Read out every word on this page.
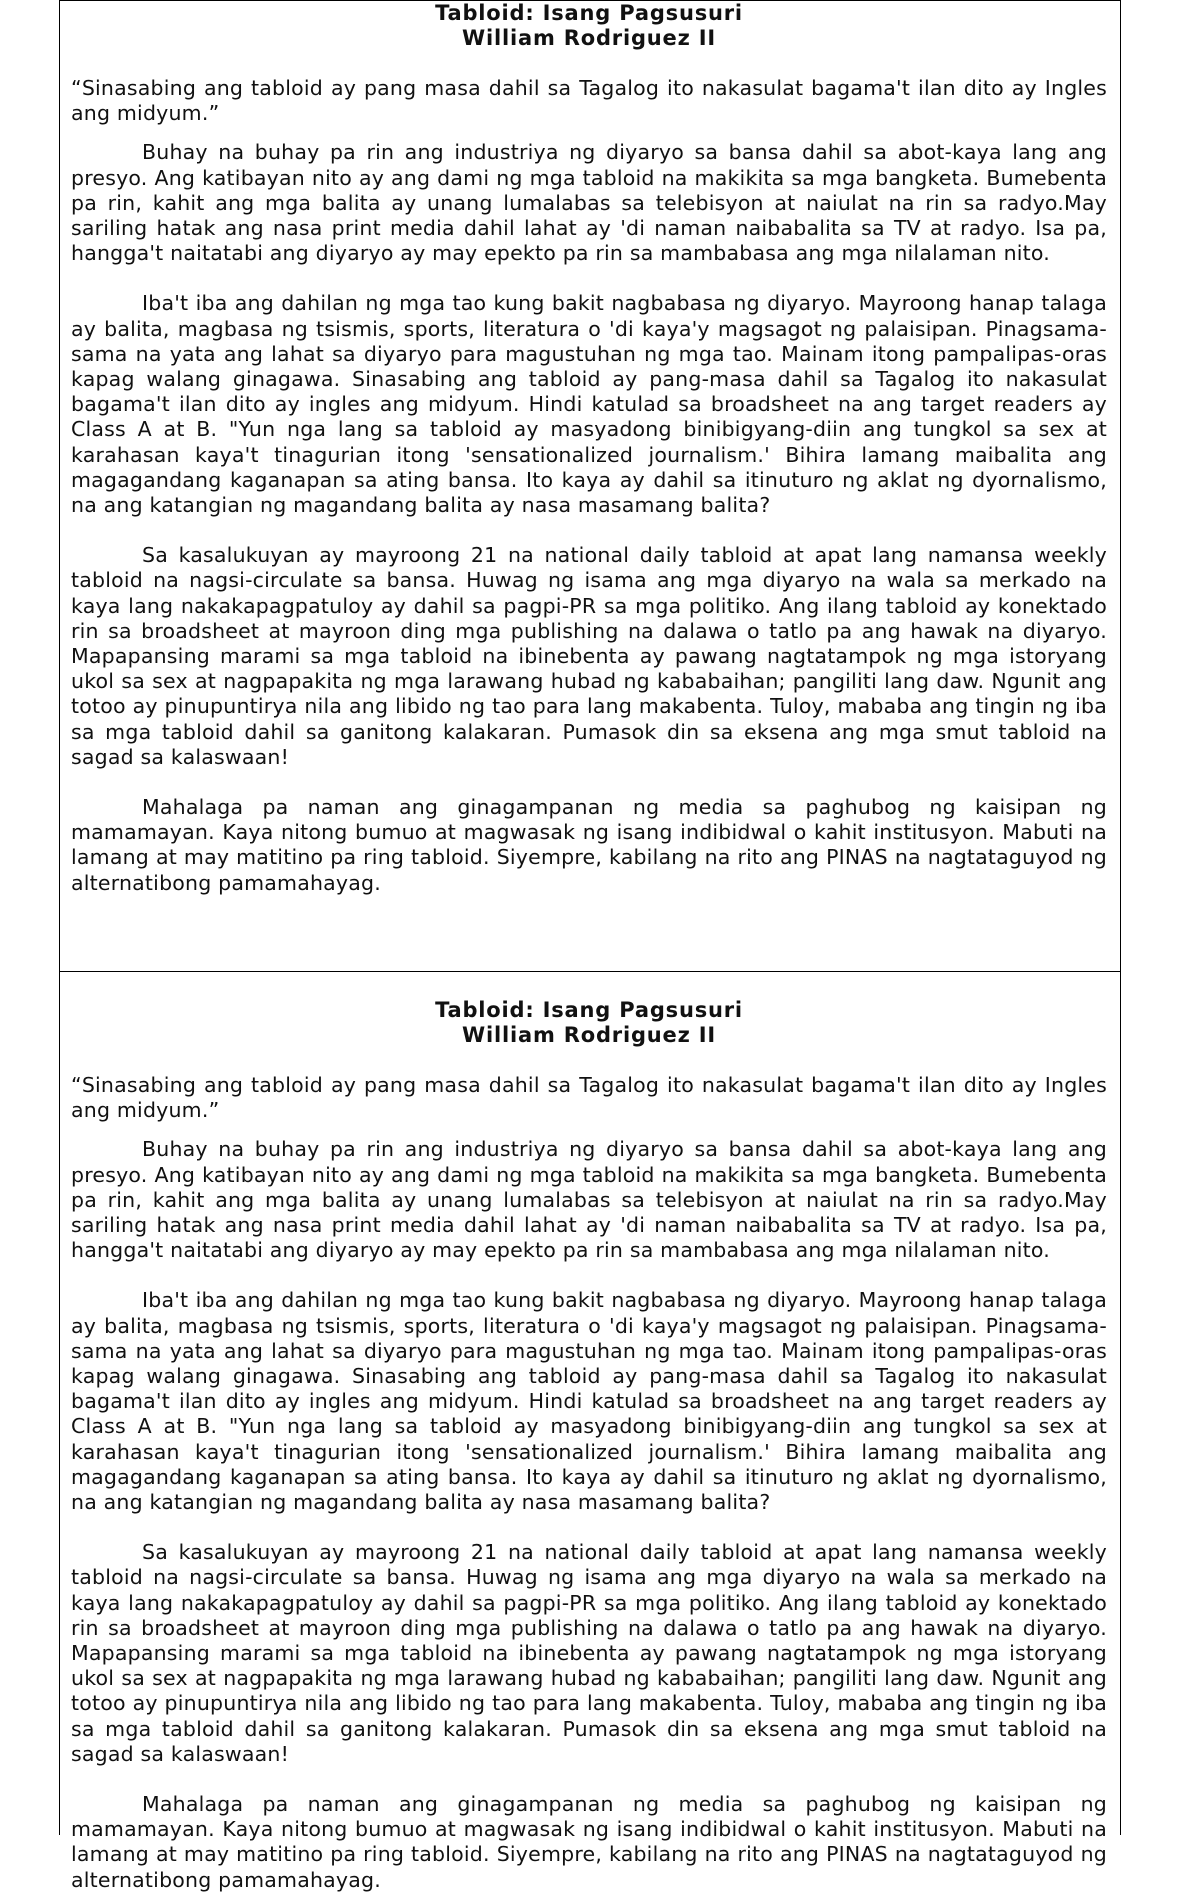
Tabloid: Isang Pagsusuri
William Rodriguez II

“Sinasabing ang tabloid ay pang masa dahil sa Tagalog ito nakasulat bagama't ilan dito ay Ingles ang midyum.”

Buhay na buhay pa rin ang industriya ng diyaryo sa bansa dahil sa abot-kaya lang ang presyo. Ang katibayan nito ay ang dami ng mga tabloid na makikita sa mga bangketa. Bumebenta pa rin, kahit ang mga balita ay unang lumalabas sa telebisyon at naiulat na rin sa radyo.May sariling hatak ang nasa print media dahil lahat ay 'di naman naibabalita sa TV at radyo. Isa pa, hangga't naitatabi ang diyaryo ay may epekto pa rin sa mambabasa ang mga nilalaman nito.

Iba't iba ang dahilan ng mga tao kung bakit nagbabasa ng diyaryo. Mayroong hanap talaga ay balita, magbasa ng tsismis, sports, literatura o 'di kaya'y magsagot ng palaisipan. Pinagsama-sama na yata ang lahat sa diyaryo para magustuhan ng mga tao. Mainam itong pampalipas-oras kapag walang ginagawa. Sinasabing ang tabloid ay pang-masa dahil sa Tagalog ito nakasulat bagama't ilan dito ay ingles ang midyum. Hindi katulad sa broadsheet na ang target readers ay Class A at B. "Yun nga lang sa tabloid ay masyadong binibigyang-diin ang tungkol sa sex at karahasan kaya't tinagurian itong 'sensationalized journalism.' Bihira lamang maibalita ang magagandang kaganapan sa ating bansa. Ito kaya ay dahil sa itinuturo ng aklat ng dyornalismo, na ang katangian ng magandang balita ay nasa masamang balita?

Sa kasalukuyan ay mayroong 21 na national daily tabloid at apat lang namansa weekly tabloid na nagsi-circulate sa bansa. Huwag ng isama ang mga diyaryo na wala sa merkado na kaya lang nakakapagpatuloy ay dahil sa pagpi-PR sa mga politiko. Ang ilang tabloid ay konektado rin sa broadsheet at mayroon ding mga publishing na dalawa o tatlo pa ang hawak na diyaryo. Mapapansing marami sa mga tabloid na ibinebenta ay pawang nagtatampok ng mga istoryang ukol sa sex at nagpapakita ng mga larawang hubad ng kababaihan; pangiliti lang daw. Ngunit ang totoo ay pinupuntirya nila ang libido ng tao para lang makabenta. Tuloy, mababa ang tingin ng iba sa mga tabloid dahil sa ganitong kalakaran. Pumasok din sa eksena ang mga smut tabloid na sagad sa kalaswaan!

Mahalaga pa naman ang ginagampanan ng media sa paghubog ng kaisipan ng mamamayan. Kaya nitong bumuo at magwasak ng isang indibidwal o kahit institusyon. Mabuti na lamang at may matitino pa ring tabloid. Siyempre, kabilang na rito ang PINAS na nagtataguyod ng alternatibong pamamahayag.

Tabloid: Isang Pagsusuri
William Rodriguez II

“Sinasabing ang tabloid ay pang masa dahil sa Tagalog ito nakasulat bagama't ilan dito ay Ingles ang midyum.”

Buhay na buhay pa rin ang industriya ng diyaryo sa bansa dahil sa abot-kaya lang ang presyo. Ang katibayan nito ay ang dami ng mga tabloid na makikita sa mga bangketa. Bumebenta pa rin, kahit ang mga balita ay unang lumalabas sa telebisyon at naiulat na rin sa radyo.May sariling hatak ang nasa print media dahil lahat ay 'di naman naibabalita sa TV at radyo. Isa pa, hangga't naitatabi ang diyaryo ay may epekto pa rin sa mambabasa ang mga nilalaman nito.

Iba't iba ang dahilan ng mga tao kung bakit nagbabasa ng diyaryo. Mayroong hanap talaga ay balita, magbasa ng tsismis, sports, literatura o 'di kaya'y magsagot ng palaisipan. Pinagsama-sama na yata ang lahat sa diyaryo para magustuhan ng mga tao. Mainam itong pampalipas-oras kapag walang ginagawa. Sinasabing ang tabloid ay pang-masa dahil sa Tagalog ito nakasulat bagama't ilan dito ay ingles ang midyum. Hindi katulad sa broadsheet na ang target readers ay Class A at B. "Yun nga lang sa tabloid ay masyadong binibigyang-diin ang tungkol sa sex at karahasan kaya't tinagurian itong 'sensationalized journalism.' Bihira lamang maibalita ang magagandang kaganapan sa ating bansa. Ito kaya ay dahil sa itinuturo ng aklat ng dyornalismo, na ang katangian ng magandang balita ay nasa masamang balita?

Sa kasalukuyan ay mayroong 21 na national daily tabloid at apat lang namansa weekly tabloid na nagsi-circulate sa bansa. Huwag ng isama ang mga diyaryo na wala sa merkado na kaya lang nakakapagpatuloy ay dahil sa pagpi-PR sa mga politiko. Ang ilang tabloid ay konektado rin sa broadsheet at mayroon ding mga publishing na dalawa o tatlo pa ang hawak na diyaryo. Mapapansing marami sa mga tabloid na ibinebenta ay pawang nagtatampok ng mga istoryang ukol sa sex at nagpapakita ng mga larawang hubad ng kababaihan; pangiliti lang daw. Ngunit ang totoo ay pinupuntirya nila ang libido ng tao para lang makabenta. Tuloy, mababa ang tingin ng iba sa mga tabloid dahil sa ganitong kalakaran. Pumasok din sa eksena ang mga smut tabloid na sagad sa kalaswaan!

Mahalaga pa naman ang ginagampanan ng media sa paghubog ng kaisipan ng mamamayan. Kaya nitong bumuo at magwasak ng isang indibidwal o kahit institusyon. Mabuti na lamang at may matitino pa ring tabloid. Siyempre, kabilang na rito ang PINAS na nagtataguyod ng alternatibong pamamahayag.
